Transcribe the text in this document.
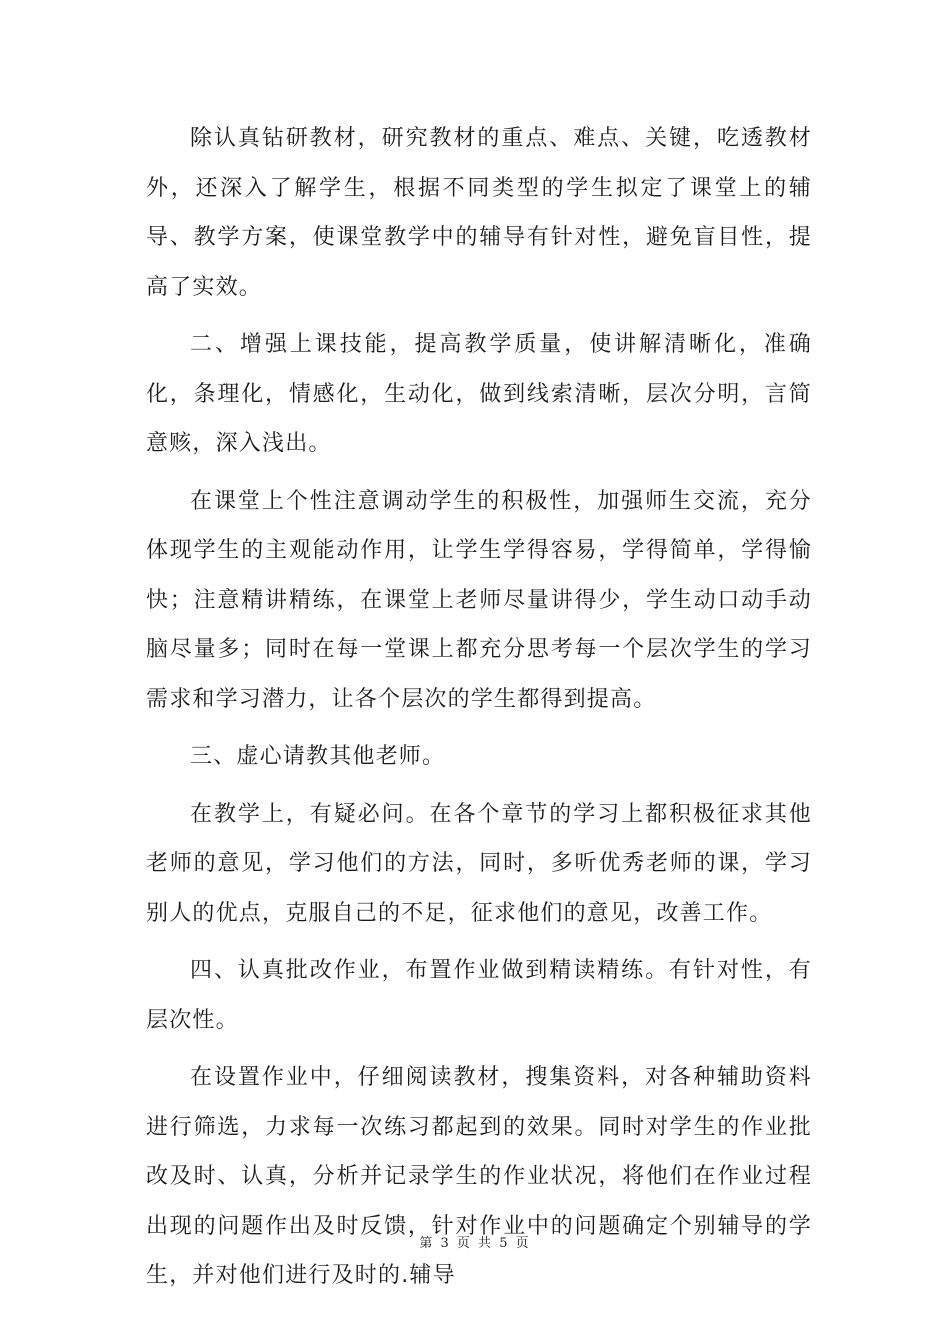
除认真钻研教材，研究教材的重点、难点、关键，吃透教材外，还深入了解学生，根据不同类型的学生拟定了课堂上的辅导、教学方案，使课堂教学中的辅导有针对性，避免盲目性，提高了实效。

二、增强上课技能，提高教学质量，使讲解清晰化，准确化，条理化，情感化，生动化，做到线索清晰，层次分明，言简意赅，深入浅出。

在课堂上个性注意调动学生的积极性，加强师生交流，充分体现学生的主观能动作用，让学生学得容易，学得简单，学得愉快；注意精讲精练，在课堂上老师尽量讲得少，学生动口动手动脑尽量多；同时在每一堂课上都充分思考每一个层次学生的学习需求和学习潜力，让各个层次的学生都得到提高。

三、虚心请教其他老师。

在教学上，有疑必问。在各个章节的学习上都积极征求其他老师的意见，学习他们的方法，同时，多听优秀老师的课，学习别人的优点，克服自己的不足，征求他们的意见，改善工作。

四、认真批改作业，布置作业做到精读精练。有针对性，有层次性。

在设置作业中，仔细阅读教材，搜集资料，对各种辅助资料进行筛选，力求每一次练习都起到的效果。同时对学生的作业批改及时、认真，分析并记录学生的作业状况，将他们在作业过程出现的问题作出及时反馈，针对作业中的问题确定个别辅导的学生，并对他们进行及时的.辅导

第 3 页 共 5 页
